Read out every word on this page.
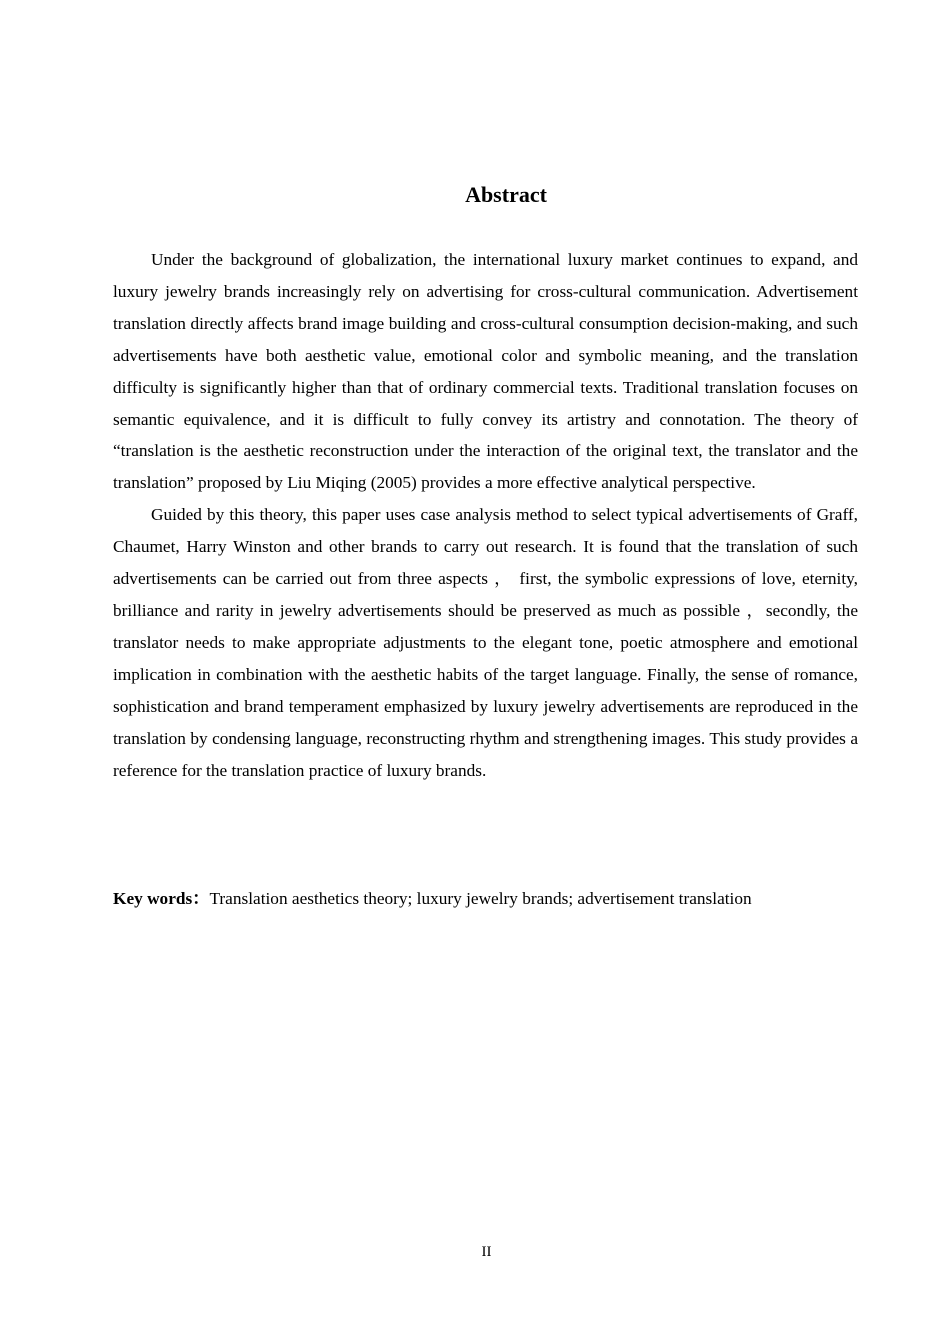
Abstract

Under the background of globalization, the international luxury market continues to expand, and luxury jewelry brands increasingly rely on advertising for cross-cultural communication. Advertisement translation directly affects brand image building and cross-cultural consumption decision-making, and such advertisements have both aesthetic value, emotional color and symbolic meaning, and the translation difficulty is significantly higher than that of ordinary commercial texts. Traditional translation focuses on semantic equivalence, and it is difficult to fully convey its artistry and connotation. The theory of “translation is the aesthetic reconstruction under the interaction of the original text, the translator and the translation” proposed by Liu Miqing (2005) provides a more effective analytical perspective.

Guided by this theory, this paper uses case analysis method to select typical advertisements of Graff, Chaumet, Harry Winston and other brands to carry out research. It is found that the translation of such advertisements can be carried out from three aspects ， first, the symbolic expressions of love, eternity, brilliance and rarity in jewelry advertisements should be preserved as much as possible ，secondly, the translator needs to make appropriate adjustments to the elegant tone, poetic atmosphere and emotional implication in combination with the aesthetic habits of the target language. Finally, the sense of romance, sophistication and brand temperament emphasized by luxury jewelry advertisements are reproduced in the translation by condensing language, reconstructing rhythm and strengthening images. This study provides a reference for the translation practice of luxury brands.

Key words：Translation aesthetics theory; luxury jewelry brands; advertisement translation

II
